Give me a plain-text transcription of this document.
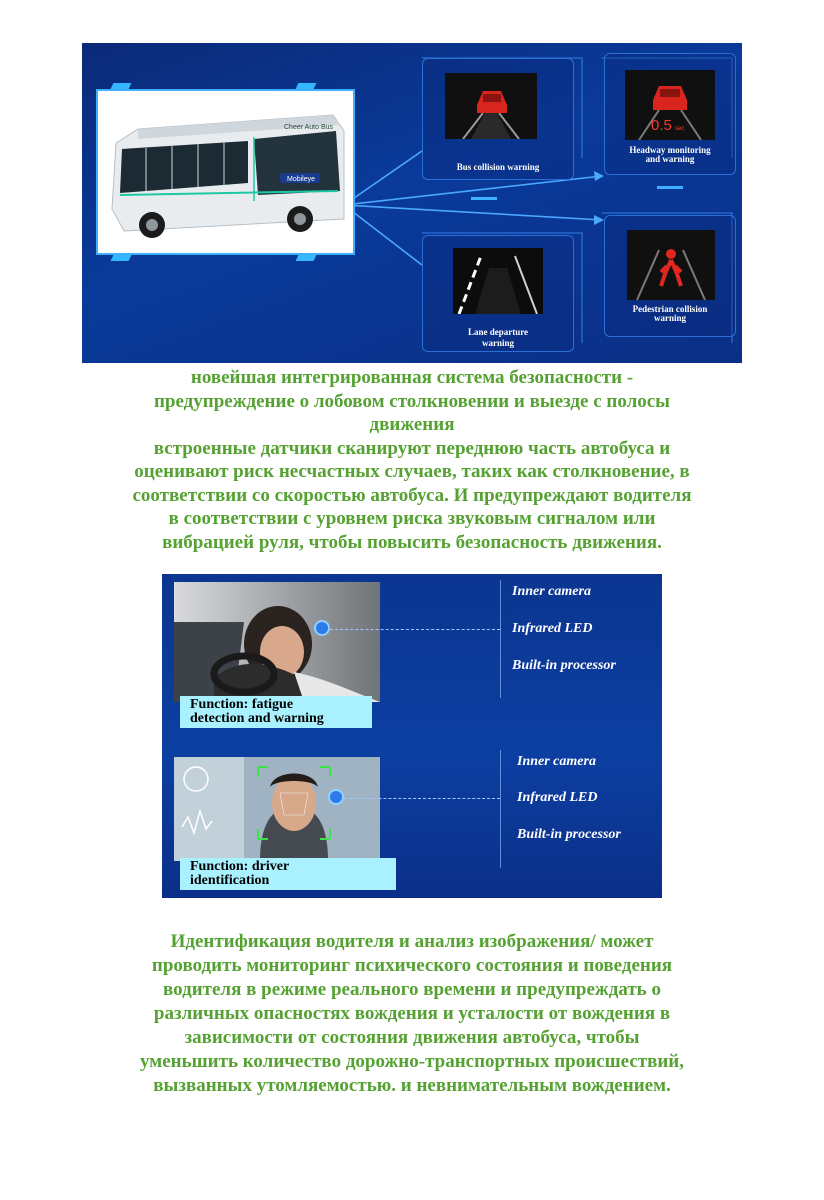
Cheer Auto Bus
Mobileye
Bus collision warning
0.5 sec
Headway monitoring
and warning
Lane departure
warning
Pedestrian collision
warning

новейшая интегрированная система безопасности -

предупреждение о лобовом столкновении и выезде с полосы

движения

встроенные датчики сканируют переднюю часть автобуса и

оценивают риск несчастных случаев, таких как столкновение, в

соответствии со скоростью автобуса. И предупреждают водителя

в соответствии с уровнем риска звуковым сигналом или

вибрацией руля, чтобы повысить безопасность движения.

Function: fatigue
detection and warning
Inner camera
Infrared LED
Built-in processor
Function: driver
identification
Inner camera
Infrared LED
Built-in processor

Идентификация водителя и анализ изображения/ может

проводить мониторинг психического состояния и поведения

водителя в режиме реального времени и предупреждать о

различных опасностях вождения и усталости от вождения в

зависимости от состояния движения автобуса, чтобы

уменьшить количество дорожно-транспортных происшествий,

вызванных утомляемостью. и невнимательным вождением.
